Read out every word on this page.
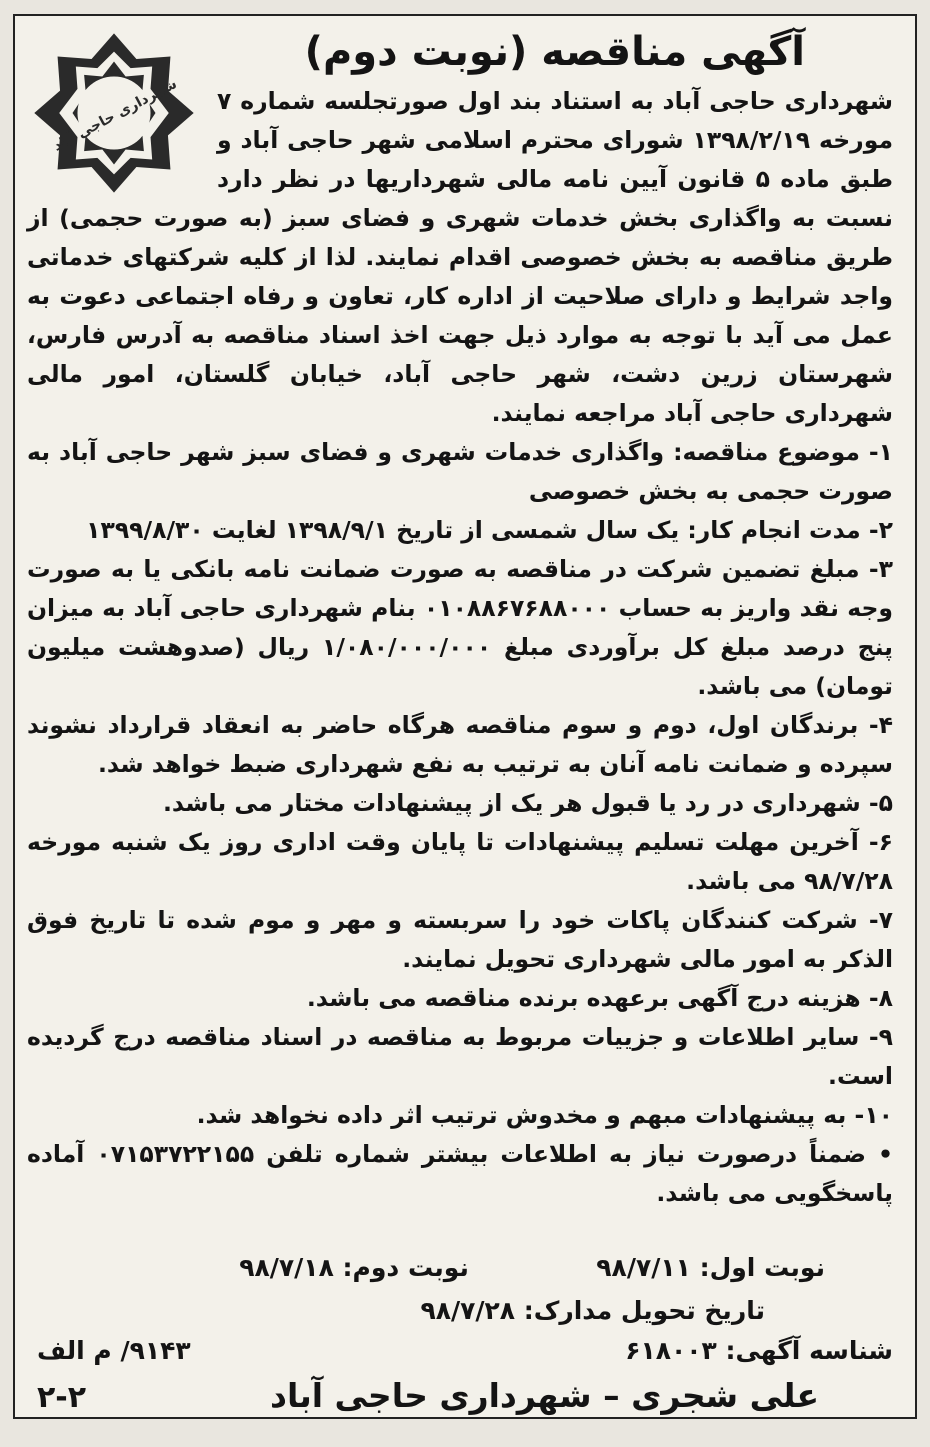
شهرداری حاجی آباد
آگهی مناقصه (نوبت دوم)

شهرداری حاجی آباد به استناد بند اول صورتجلسه شماره ۷ مورخه ۱۳۹۸/۲/۱۹ شورای محترم اسلامی شهر حاجی آباد و طبق ماده ۵ قانون آیین نامه مالی شهرداریها در نظر دارد نسبت به واگذاری بخش خدمات شهری و فضای سبز (به صورت حجمی) از طریق مناقصه به بخش خصوصی اقدام نمایند. لذا از کلیه شرکتهای خدماتی واجد شرایط و دارای صلاحیت از اداره کار، تعاون و رفاه اجتماعی دعوت به عمل می آید با توجه به موارد ذیل جهت اخذ اسناد مناقصه به آدرس فارس، شهرستان زرین دشت، شهر حاجی آباد، خیابان گلستان، امور مالی شهرداری حاجی آباد مراجعه نمایند.

۱- موضوع مناقصه: واگذاری خدمات شهری و فضای سبز شهر حاجی آباد به صورت حجمی به بخش خصوصی
۲- مدت انجام کار: یک سال شمسی از تاریخ ۱۳۹۸/۹/۱ لغایت ۱۳۹۹/۸/۳۰
۳- مبلغ تضمین شرکت در مناقصه به صورت ضمانت نامه بانکی یا به صورت وجه نقد واریز به حساب ۰۱۰۸۸۶۷۶۸۸۰۰۰ بنام شهرداری حاجی آباد به میزان پنج درصد مبلغ کل برآوردی مبلغ ۱/۰۸۰/۰۰۰/۰۰۰ ریال (صدوهشت میلیون تومان) می باشد.
۴- برندگان اول، دوم و سوم مناقصه هرگاه حاضر به انعقاد قرارداد نشوند سپرده و ضمانت نامه آنان به ترتیب به نفع شهرداری ضبط خواهد شد.
۵- شهرداری در رد یا قبول هر یک از پیشنهادات مختار می باشد.
۶- آخرین مهلت تسلیم پیشنهادات تا پایان وقت اداری روز یک شنبه مورخه ۹۸/۷/۲۸ می باشد.
۷- شرکت کنندگان پاکات خود را سربسته و مهر و موم شده تا تاریخ فوق الذکر به امور مالی شهرداری تحویل نمایند.
۸- هزینه درج آگهی برعهده برنده مناقصه می باشد.
۹- سایر اطلاعات و جزییات مربوط به مناقصه در اسناد مناقصه درج گردیده است.
۱۰- به پیشنهادات مبهم و مخدوش ترتیب اثر داده نخواهد شد.

• ضمناً درصورت نیاز به اطلاعات بیشتر شماره تلفن ۰۷۱۵۳۷۲۲۱۵۵ آماده پاسخگویی می باشد.

نوبت اول: ۹۸/۷/۱۱  نوبت دوم: ۹۸/۷/۱۸
تاریخ تحویل مدارک: ۹۸/۷/۲۸
شناسه آگهی: ۶۱۸۰۰۳
۹۱۴۳/ م الف
علی شجری – شهرداری حاجی آباد
۲-۲
